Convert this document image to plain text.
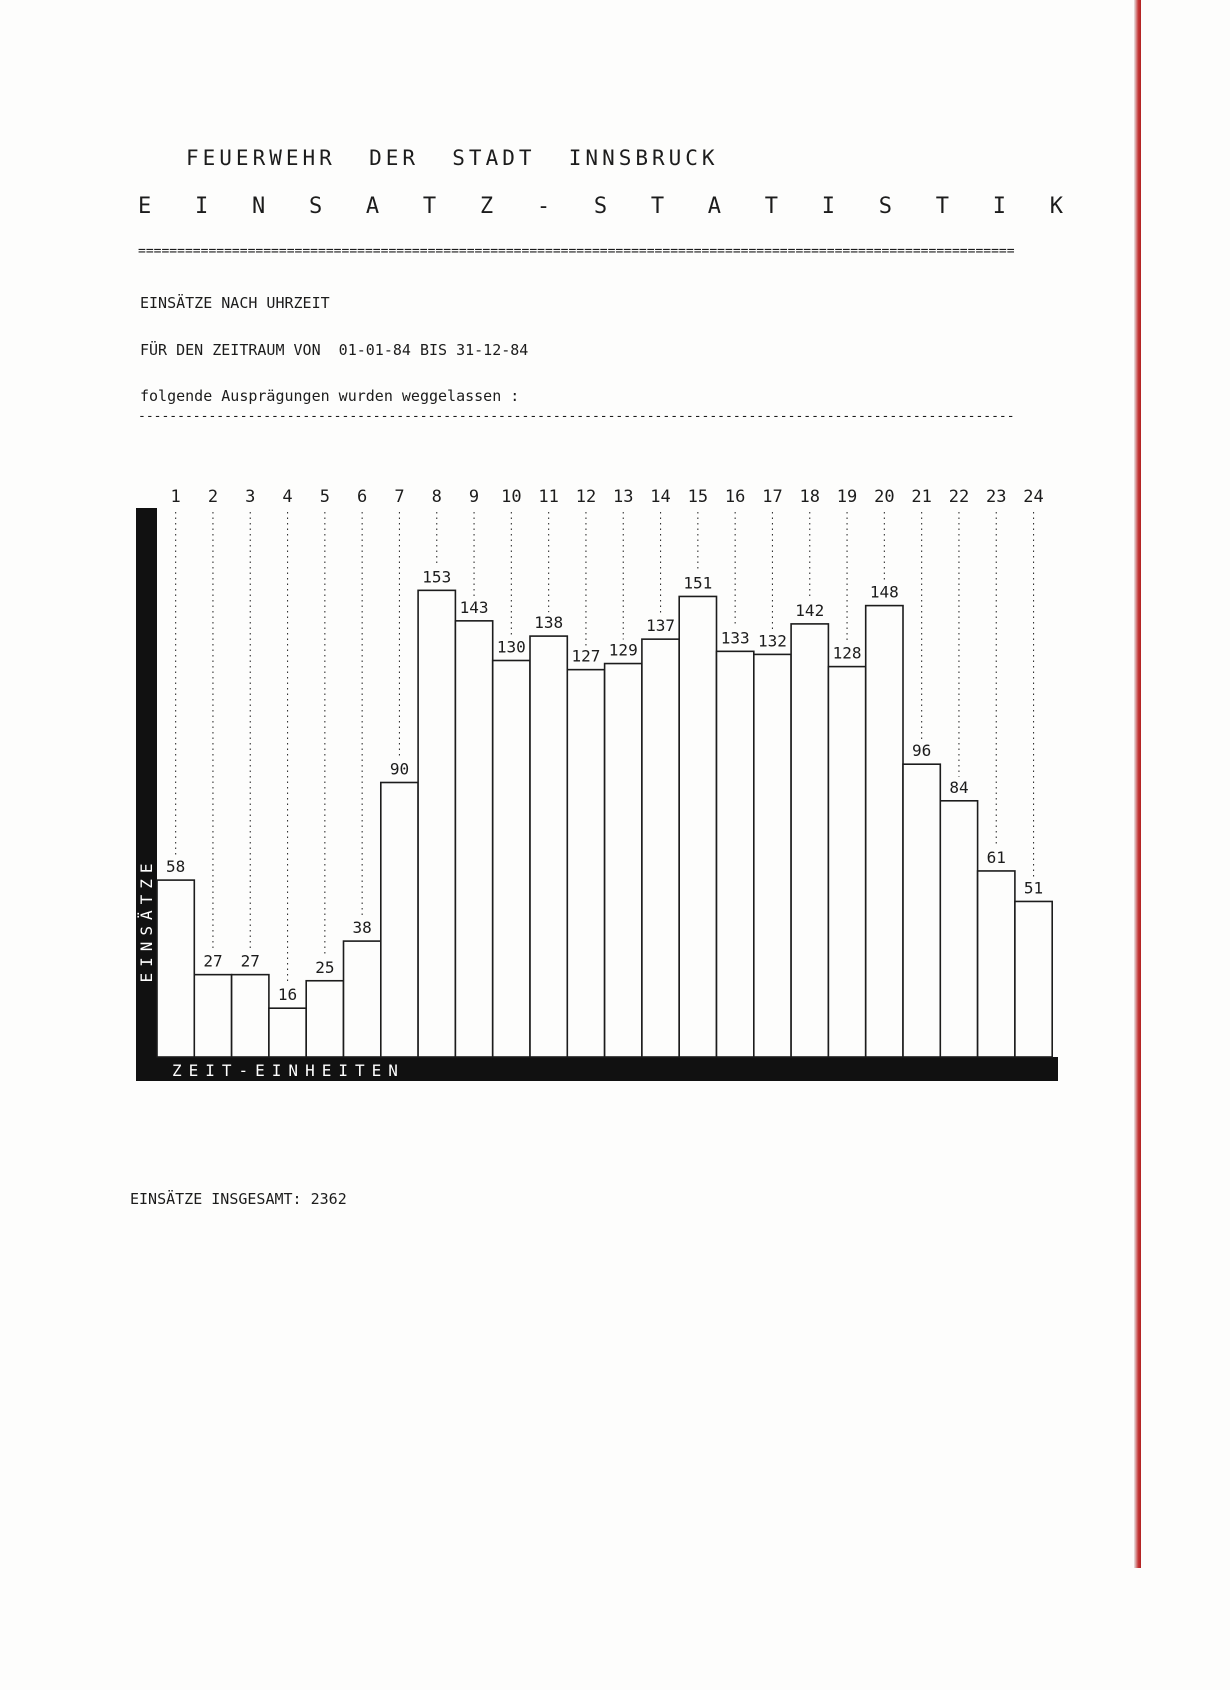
FEUERWEHR  DER  STADT  INNSBRUCK
E   I   N   S   A   T   Z   -   S   T   A   T   I   S   T   I   K
================================================================================================================
EINSÄTZE NACH UHRZEIT
FÜR DEN ZEITRAUM VON  01-01-84 BIS 31-12-84
folgende Ausprägungen wurden weggelassen :
----------------------------------------------------------------------------------------------------------------
58
1
27
2
27
3
16
4
25
5
38
6
90
7
153
8
143
9
130
10
138
11
127
12
129
13
137
14
151
15
133
16
132
17
142
18
128
19
148
20
96
21
84
22
61
23
51
24
EINSÄTZE
ZEIT-EINHEITEN
EINSÄTZE INSGESAMT: 2362
